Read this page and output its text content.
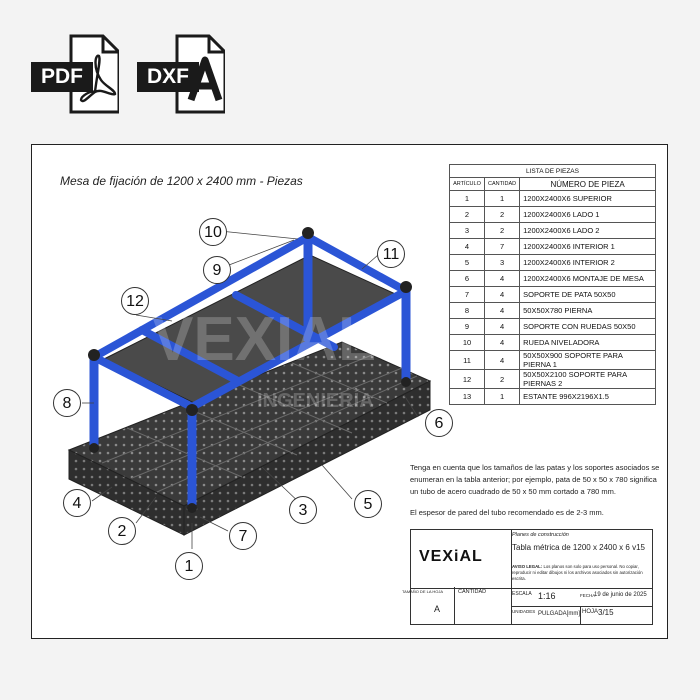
PDF	DXF
Mesa de fijación de 1200 x 2400 mm - Piezas
VEXIAL
INGENIERÍA
1
2
3
4	5
6
7
8
9
10
11
12
LISTA DE PIEZAS		
ARTÍCULO	CANTIDAD	NÚMERO DE PIEZA
1	1	1200X2400X6 SUPERIOR
2	2	1200X2400X6 LADO 1
3	2	1200X2400X6 LADO 2
4	7	1200X2400X6 INTERIOR 1
5	3	1200X2400X6 INTERIOR 2
6	4	1200X2400X6 MONTAJE DE MESA
7	4	SOPORTE DE PATA 50X50
8	4	50X50X780 PIERNA
9	4	SOPORTE CON RUEDAS 50X50
10	4	RUEDA NIVELADORA
11	4	50X50X900 SOPORTE PARA PIERNA 1
12	2	50X50X2100 SOPORTE PARA PIERNAS 2
13	1	ESTANTE 996X2196X1.5
Tenga en cuenta que los tamaños de las patas y los soportes asociados se enumeran en la tabla anterior; por ejemplo, pata de 50 x 50 x 780 significa un tubo de acero cuadrado de 50 x 50 mm cortado a 780 mm.
El espesor de pared del tubo recomendado es de 2-3 mm.
VEXiAL
Planes de construcción
Tabla métrica de 1200 x 2400 x 6 v15
AVISO LEGAL: Los planos son solo para uso personal. No copiar, reproducir ni editar dibujos ni los archivos asociados sin autorización escrita.
ESCALA 1:16	FECHA
19 de junio de 2025
UNIDADES PULGADA[mm] HOJA 3/15
TAMAÑO DE LA HOJA
A
CANTIDAD
